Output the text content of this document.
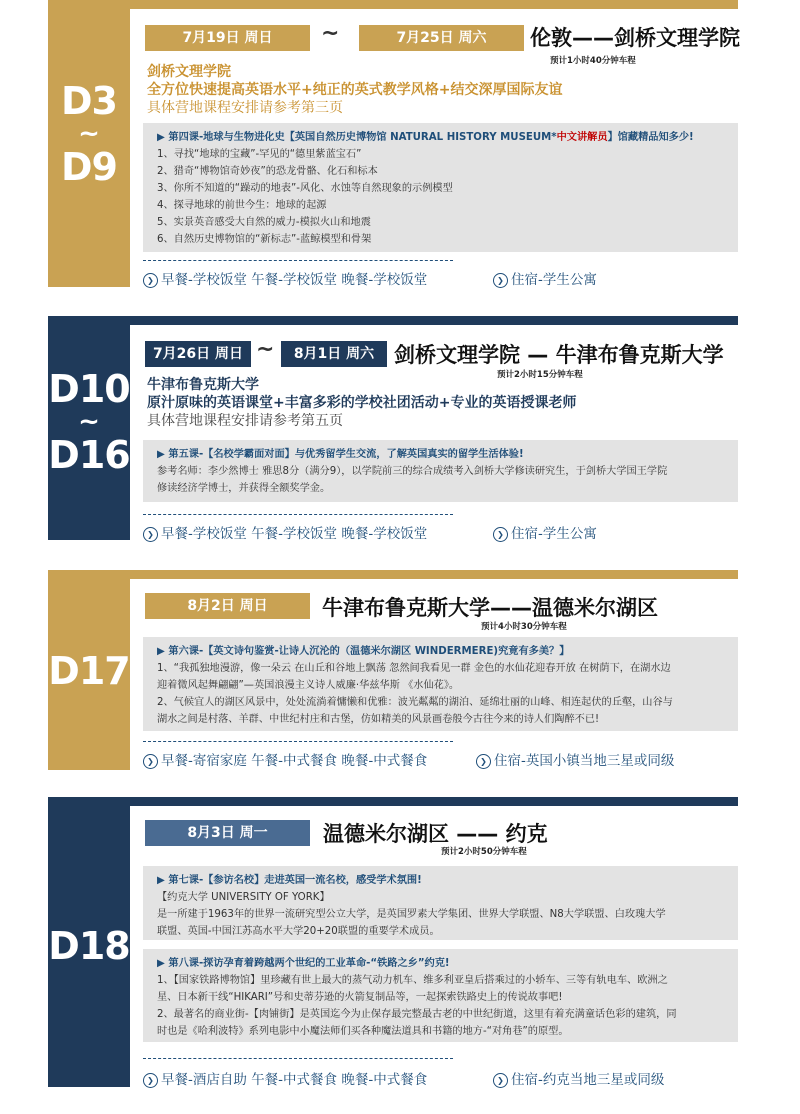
D3
~
D9
7月19日 周日	~	7月25日 周六	伦敦——剑桥文理学院
预计1小时40分钟车程
剑桥文理学院
全方位快速提高英语水平+纯正的英式教学风格+结交深厚国际友谊
具体营地课程安排请参考第三页

▶ 第四课-地球与生物进化史【英国自然历史博物馆 NATURAL HISTORY MUSEUM*中文讲解员】馆藏精品知多少!

1、寻找“地球的宝藏”-罕见的“德里紫蓝宝石”

2、猎奇“博物馆奇妙夜”的恐龙骨骼、化石和标本

3、你所不知道的“躁动的地表”-风化、水蚀等自然现象的示例模型

4、探寻地球的前世今生：地球的起源

5、实景英音感受大自然的威力-模拟火山和地震

6、自然历史博物馆的“新标志”-蓝鲸模型和骨架

❯ 早餐-学校饭堂 午餐-学校饭堂 晚餐-学校饭堂	❯ 住宿-学生公寓
D10
~
D16
7月26日 周日 ~	8月1日 周六 剑桥文理学院 — 牛津布鲁克斯大学
预计2小时15分钟车程
牛津布鲁克斯大学
原汁原味的英语课堂+丰富多彩的学校社团活动+专业的英语授课老师
具体营地课程安排请参考第五页

▶ 第五课-【名校学霸面对面】与优秀留学生交流，了解英国真实的留学生活体验!

参考名师：李少然博士 雅思8分（满分9），以学院前三的综合成绩考入剑桥大学修读研究生，于剑桥大学国王学院

修读经济学博士，并获得全额奖学金。

❯ 早餐-学校饭堂 午餐-学校饭堂 晚餐-学校饭堂	❯ 住宿-学生公寓
D17
8月2日 周日	牛津布鲁克斯大学——温德米尔湖区
预计4小时30分钟车程

▶ 第六课-【英文诗句鉴赏-让诗人沉沦的（温德米尔湖区 WINDERMERE)究竟有多美？】

1、“我孤独地漫游，像一朵云 在山丘和谷地上飘荡 忽然间我看见一群 金色的水仙花迎春开放 在树荫下，在湖水边

迎着微风起舞翩翩”—英国浪漫主义诗人威廉·华兹华斯 《水仙花》。

2、气候宜人的湖区风景中，处处流淌着慵懒和优雅：波光粼粼的湖泊、延绵壮丽的山峰、相连起伏的丘壑，山谷与

湖水之间是村落、羊群、中世纪村庄和古堡，仿如精美的风景画卷般今古往今来的诗人们陶醉不已!

❯ 早餐-寄宿家庭 午餐-中式餐食 晚餐-中式餐食	❯ 住宿-英国小镇当地三星或同级
D18
8月3日 周一	温德米尔湖区 —— 约克
预计2小时50分钟车程

▶ 第七课-【参访名校】走进英国一流名校，感受学术氛围!

【约克大学 UNIVERSITY OF YORK】

是一所建于1963年的世界一流研究型公立大学，是英国罗素大学集团、世界大学联盟、N8大学联盟、白玫瑰大学

联盟、英国-中国江苏高水平大学20+20联盟的重要学术成员。

▶ 第八课-探访孕育着跨越两个世纪的工业革命-“铁路之乡”约克!

1、【国家铁路博物馆】里珍藏有世上最大的蒸气动力机车、维多利亚皇后搭乘过的小轿车、三等有轨电车、欧洲之

星、日本新干线“HIKARI”号和史蒂芬逊的火箭复制品等，一起探索铁路史上的传说故事吧!

2、最著名的商业街-【肉铺街】是英国迄今为止保存最完整最古老的中世纪街道，这里有着充满童话色彩的建筑，同

时也是《哈利波特》系列电影中小魔法师们买各种魔法道具和书籍的地方-“对角巷”的原型。

❯ 早餐-酒店自助 午餐-中式餐食 晚餐-中式餐食	❯ 住宿-约克当地三星或同级
